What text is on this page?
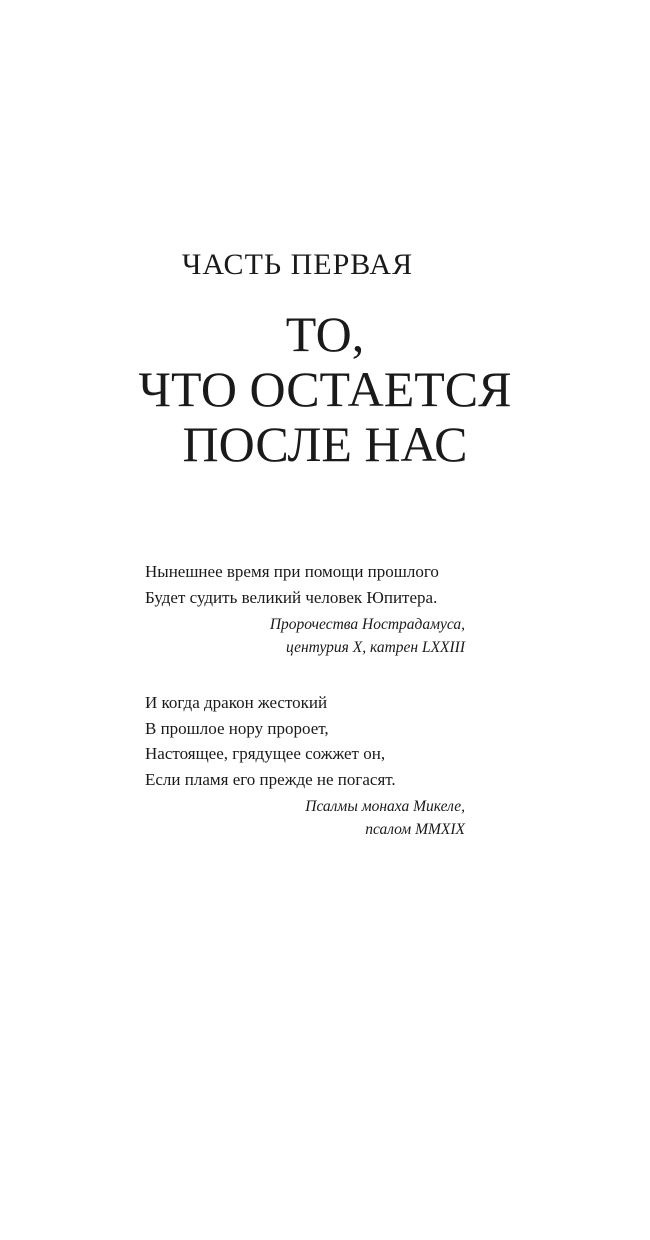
ЧАСТЬ ПЕРВАЯ
ТО,
ЧТО ОСТАЕТСЯ
ПОСЛЕ НАС
Нынешнее время при помощи прошлого
Будет судить великий человек Юпитера.
Пророчества Нострадамуса,
центурия X, катрен LXXIII
И когда дракон жестокий
В прошлое нору пророет,
Настоящее, грядущее сожжет он,
Если пламя его прежде не погасят.
Псалмы монаха Микеле,
псалом MMXIX
